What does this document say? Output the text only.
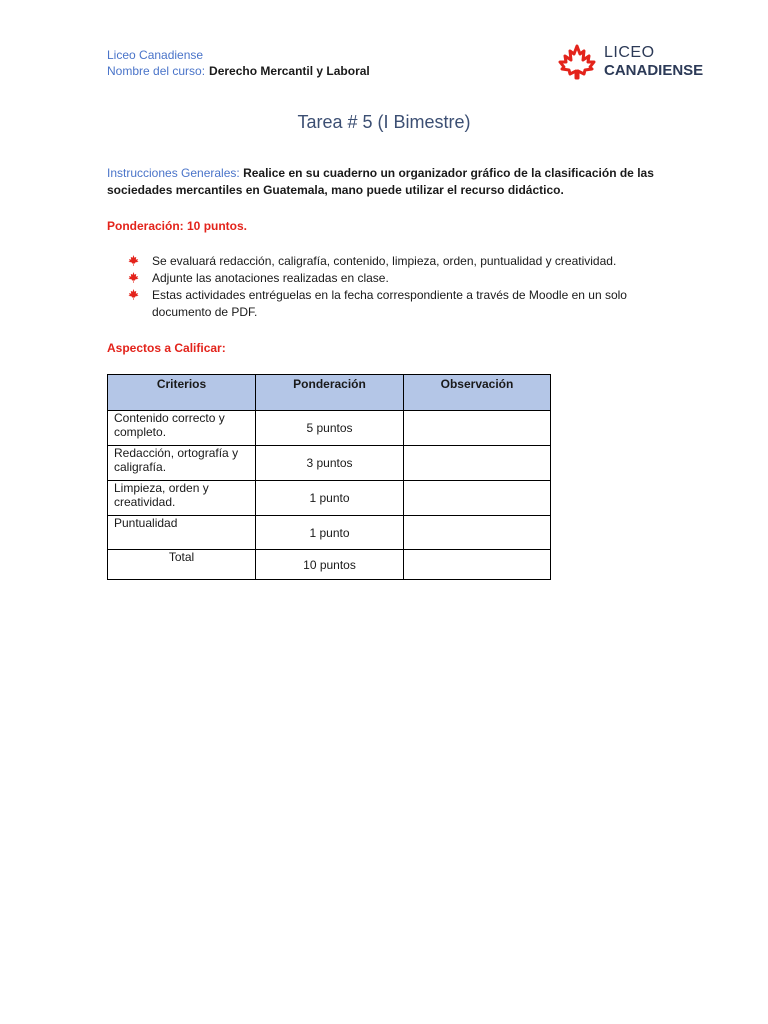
Liceo Canadiense
Nombre del curso: Derecho Mercantil y Laboral
LICEO
CANADIENSE
Tarea # 5 (I Bimestre)
Instrucciones Generales: Realice en su cuaderno un organizador gráfico de la clasificación de las sociedades mercantiles en Guatemala, mano puede utilizar el recurso didáctico.
Ponderación: 10 puntos.
Se evaluará redacción, caligrafía, contenido, limpieza, orden, puntualidad y creatividad.
Adjunte las anotaciones realizadas en clase.
Estas actividades entréguelas en la fecha correspondiente a través de Moodle en un solo documento de PDF.
Aspectos a Calificar:
Criterios	Ponderación	Observación
Contenido correcto y completo.	5 puntos	
Redacción, ortografía y caligrafía.	3 puntos	
Limpieza, orden y creatividad.	1 punto	
Puntualidad	1 punto	
Total	10 puntos	
